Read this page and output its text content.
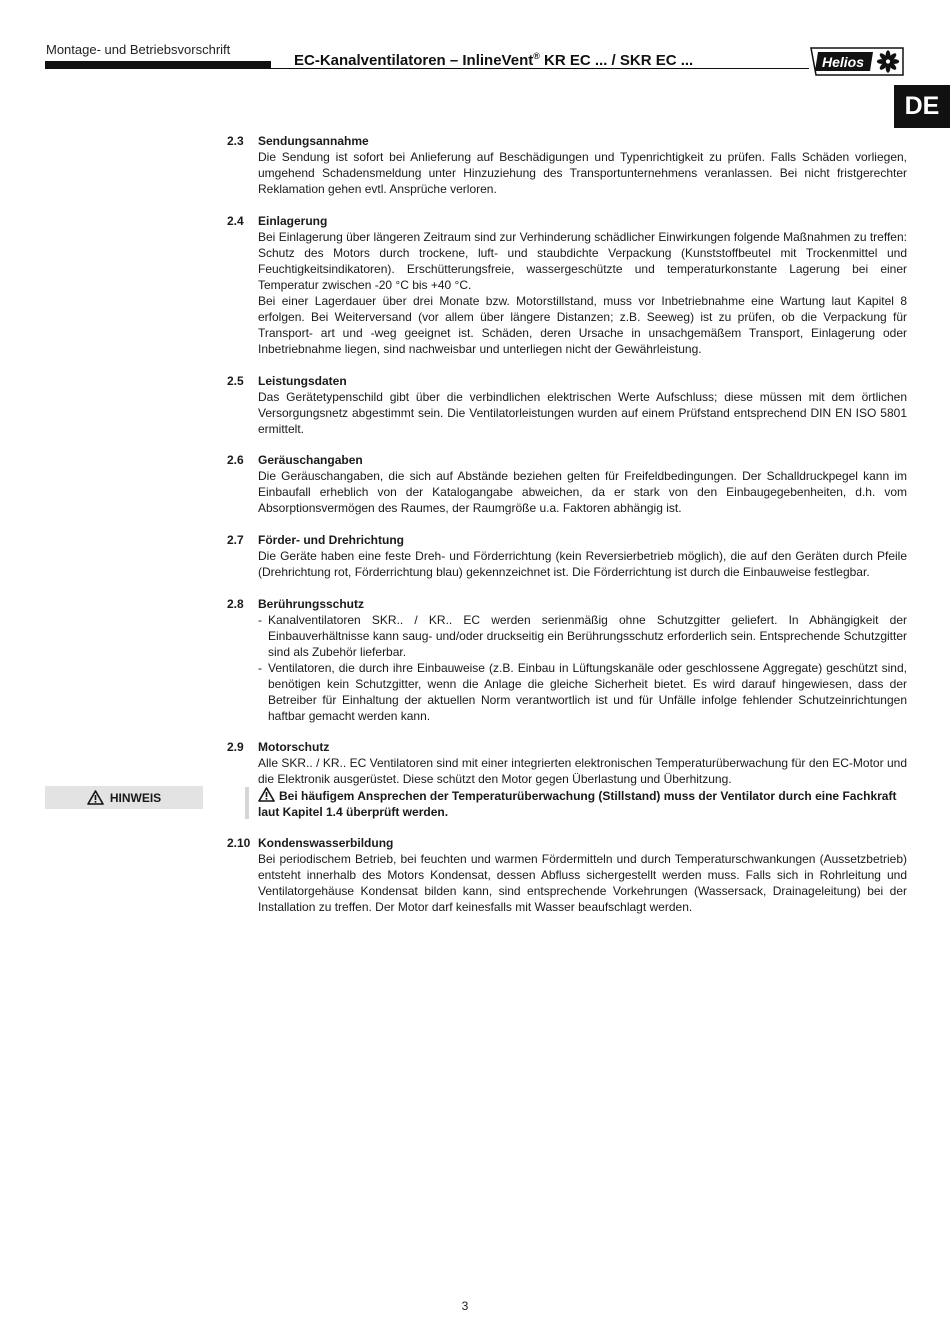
Montage- und Betriebsvorschrift
EC-Kanalventilatoren – InlineVent® KR EC ... / SKR EC ...	Helios
DE
2.3 Sendungsannahme

Die Sendung ist sofort bei Anlieferung auf Beschädigungen und Typenrichtigkeit zu prüfen. Falls Schäden vorliegen, umgehend Schadensmeldung unter Hinzuziehung des Transportunternehmens veranlassen. Bei nicht fristgerechter Reklamation gehen evtl. Ansprüche verloren.

2.4 Einlagerung

Bei Einlagerung über längeren Zeitraum sind zur Verhinderung schädlicher Einwirkungen folgende Maßnahmen zu treffen: Schutz des Motors durch trockene, luft- und staubdichte Verpackung (Kunststoffbeutel mit Trockenmittel und Feuchtigkeitsindikatoren). Erschütterungsfreie, wassergeschützte und temperaturkonstante Lagerung bei einer Temperatur zwischen -20 °C bis +40 °C.

Bei einer Lagerdauer über drei Monate bzw. Motorstillstand, muss vor Inbetriebnahme eine Wartung laut Kapitel 8 erfolgen. Bei Weiterversand (vor allem über längere Distanzen; z.B. Seeweg) ist zu prüfen, ob die Verpackung für Transport- art und -weg geeignet ist. Schäden, deren Ursache in unsachgemäßem Transport, Einlagerung oder Inbetriebnahme liegen, sind nachweisbar und unterliegen nicht der Gewährleistung.

2.5 Leistungsdaten

Das Gerätetypenschild gibt über die verbindlichen elektrischen Werte Aufschluss; diese müssen mit dem örtlichen Versorgungsnetz abgestimmt sein. Die Ventilatorleistungen wurden auf einem Prüfstand entsprechend DIN EN ISO 5801 ermittelt.

2.6 Geräuschangaben

Die Geräuschangaben, die sich auf Abstände beziehen gelten für Freifeldbedingungen. Der Schalldruckpegel kann im Einbaufall erheblich von der Katalogangabe abweichen, da er stark von den Einbaugegebenheiten, d.h. vom Absorptionsvermögen des Raumes, der Raumgröße u.a. Faktoren abhängig ist.

2.7 Förder- und Drehrichtung

Die Geräte haben eine feste Dreh- und Förderrichtung (kein Reversierbetrieb möglich), die auf den Geräten durch Pfeile (Drehrichtung rot, Förderrichtung blau) gekennzeichnet ist. Die Förderrichtung ist durch die Einbauweise festlegbar.

2.8 Berührungsschutz
- Kanalventilatoren SKR.. / KR.. EC werden serienmäßig ohne Schutzgitter geliefert. In Abhängigkeit der Einbauverhältnisse kann saug- und/oder druckseitig ein Berührungsschutz erforderlich sein. Entsprechende Schutzgitter sind als Zubehör lieferbar.
- Ventilatoren, die durch ihre Einbauweise (z.B. Einbau in Lüftungskanäle oder geschlossene Aggregate) geschützt sind, benötigen kein Schutzgitter, wenn die Anlage die gleiche Sicherheit bietet. Es wird darauf hingewiesen, dass der Betreiber für Einhaltung der aktuellen Norm verantwortlich ist und für Unfälle infolge fehlender Schutzeinrichtungen haftbar gemacht werden kann.
2.9 Motorschutz

Alle SKR.. / KR.. EC Ventilatoren sind mit einer integrierten elektronischen Temperaturüberwachung für den EC-Motor und die Elektronik ausgerüstet. Diese schützt den Motor gegen Überlastung und Überhitzung.

HINWEIS	Bei häufigem Ansprechen der Temperaturüberwachung (Stillstand) muss der Ventilator durch eine Fachkraft laut Kapitel 1.4 überprüft werden.
2.10 Kondenswasserbildung

Bei periodischem Betrieb, bei feuchten und warmen Fördermitteln und durch Temperaturschwankungen (Aussetzbetrieb) entsteht innerhalb des Motors Kondensat, dessen Abfluss sichergestellt werden muss. Falls sich in Rohrleitung und Ventilatorgehäuse Kondensat bilden kann, sind entsprechende Vorkehrungen (Wassersack, Drainageleitung) bei der Installation zu treffen. Der Motor darf keinesfalls mit Wasser beaufschlagt werden.

3
